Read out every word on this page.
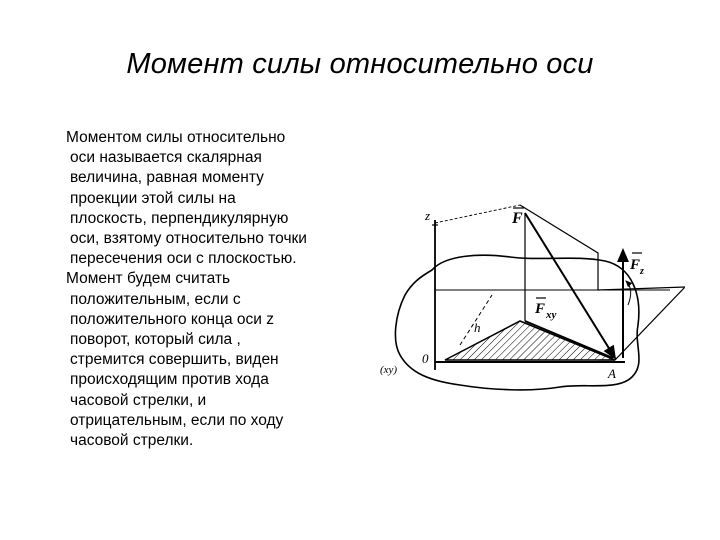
Момент силы относительно оси

Моментом силы относительно
оси называется скалярная
величина, равная моменту
проекции этой силы на
плоскость, перпендикулярную
оси, взятому относительно точки
пересечения оси с плоскостью.

Момент будем считать
положительным, если с
положительного конца оси z
поворот, который сила ,
стремится совершить, виден
происходящим против хода
часовой стрелки, и
отрицательным, если по ходу
часовой стрелки.

z
h
F
F z
F xy
0
A
(xy)
